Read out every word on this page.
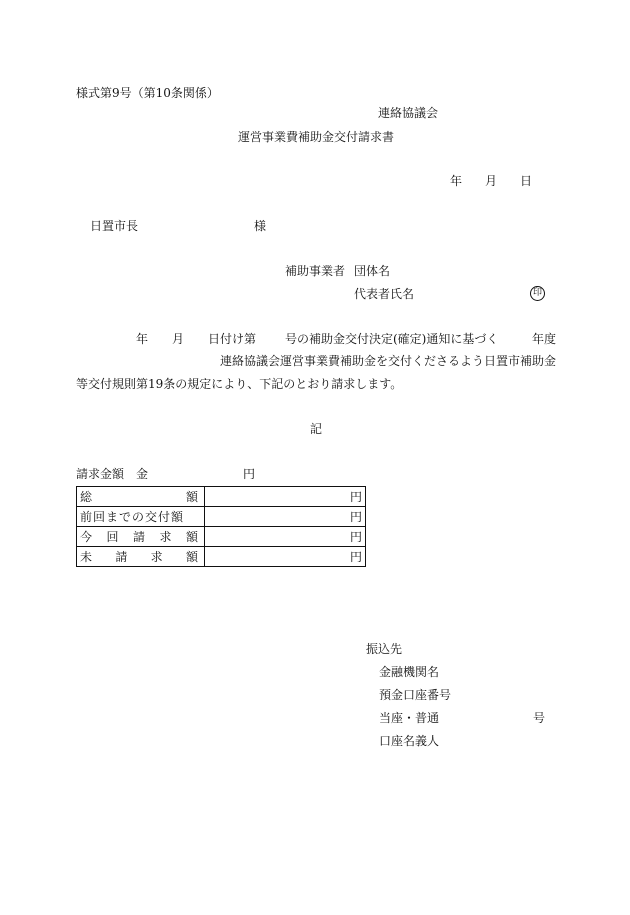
様式第9号（第10条関係）
連絡協議会
運営事業費補助金交付請求書
年 月 日
日置市長	様
補助事業者 団体名
代表者氏名	印
年 月 日付け第 号の補助金交付決定(確定)通知に基づく	年度
連絡協議会運営事業費補助金を交付くださるよう日置市補助金
等交付規則第19条の規定により、下記のとおり請求します。
記
請求金額 金	円
総 額	円
前回までの交付額	円

今 回 請 求 額	円

未 請 求 額	円
振込先
金融機関名
預金口座番号
当座・普通	号
口座名義人
